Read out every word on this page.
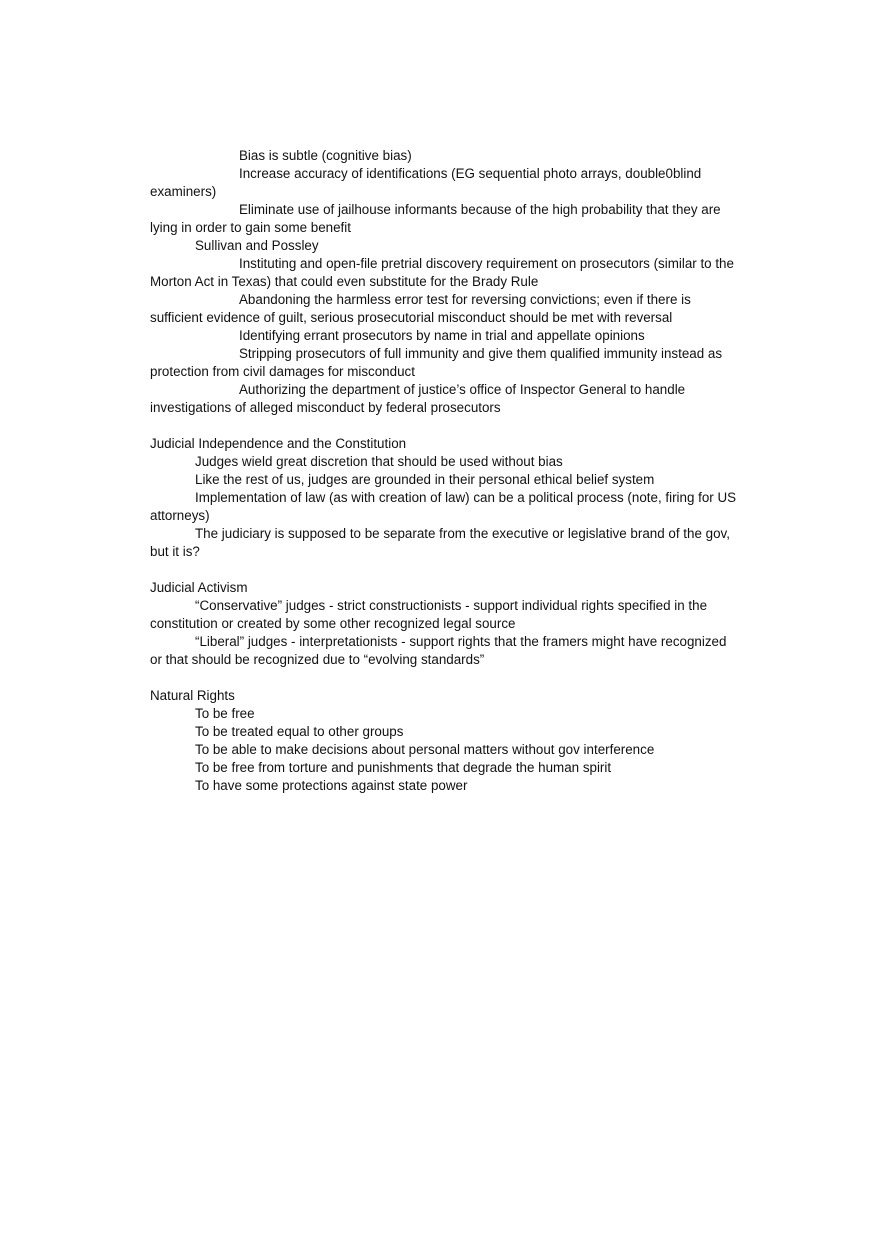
Bias is subtle (cognitive bias)

Increase accuracy of identifications (EG sequential photo arrays, double0blind examiners)

Eliminate use of jailhouse informants because of the high probability that they are lying in order to gain some benefit

Sullivan and Possley

Instituting and open-file pretrial discovery requirement on prosecutors (similar to the Morton Act in Texas) that could even substitute for the Brady Rule

Abandoning the harmless error test for reversing convictions; even if there is sufficient evidence of guilt, serious prosecutorial misconduct should be met with reversal

Identifying errant prosecutors by name in trial and appellate opinions

Stripping prosecutors of full immunity and give them qualified immunity instead as protection from civil damages for misconduct

Authorizing the department of justice’s office of Inspector General to handle investigations of alleged misconduct by federal prosecutors

Judicial Independence and the Constitution

Judges wield great discretion that should be used without bias

Like the rest of us, judges are grounded in their personal ethical belief system

Implementation of law (as with creation of law) can be a political process (note, firing for US attorneys)

The judiciary is supposed to be separate from the executive or legislative brand of the gov, but it is?

Judicial Activism

“Conservative” judges - strict constructionists - support individual rights specified in the constitution or created by some other recognized legal source

“Liberal” judges - interpretationists - support rights that the framers might have recognized or that should be recognized due to “evolving standards”

Natural Rights

To be free

To be treated equal to other groups

To be able to make decisions about personal matters without gov interference

To be free from torture and punishments that degrade the human spirit

To have some protections against state power
